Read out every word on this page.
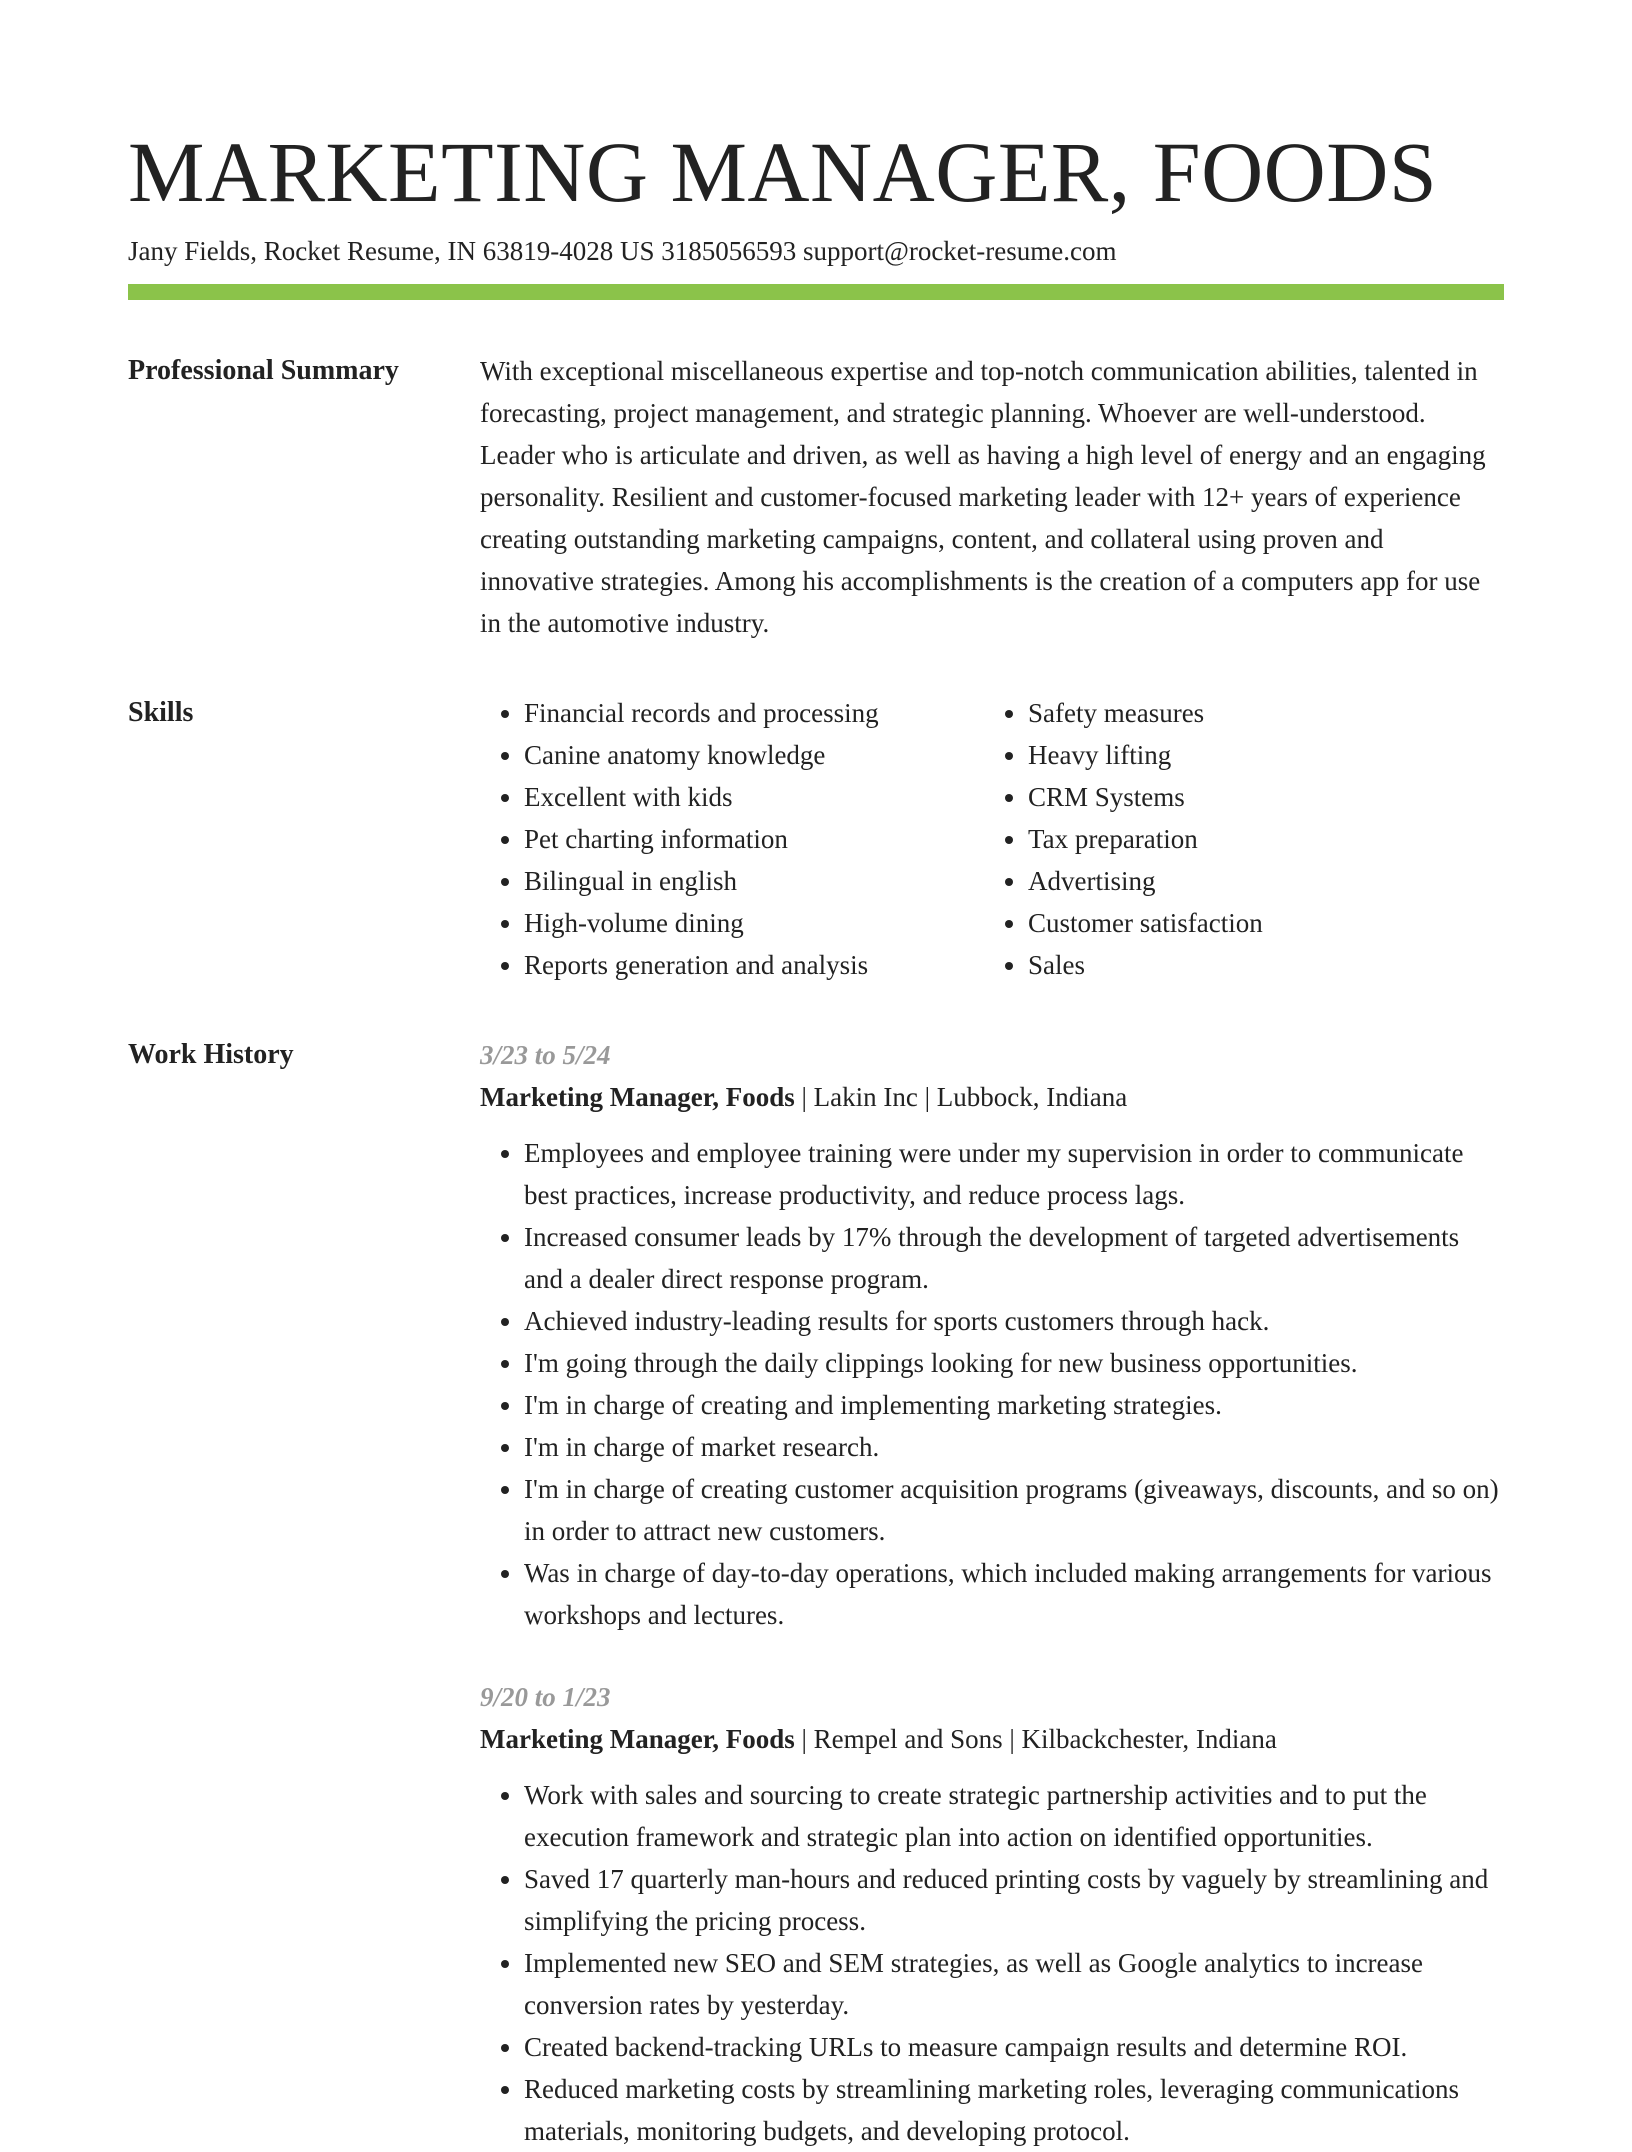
MARKETING MANAGER, FOODS
Jany Fields, Rocket Resume, IN 63819-4028 US 3185056593 support@rocket-resume.com
Professional Summary	With exceptional miscellaneous expertise and top-notch communication abilities, talented in forecasting, project management, and strategic planning. Whoever are well-understood. Leader who is articulate and driven, as well as having a high level of energy and an engaging personality. Resilient and customer-focused marketing leader with 12+ years of experience creating outstanding marketing campaigns, content, and collateral using proven and innovative strategies. Among his accomplishments is the creation of a computers app for use in the automotive industry.

Skills
•	Financial records and processing
• Canine anatomy knowledge
• Excellent with kids
• Pet charting information
• Bilingual in english
• High-volume dining
• Reports generation and analysis
• Safety measures
• Heavy lifting
• CRM Systems
• Tax preparation
• Advertising
• Customer satisfaction
• Sales
Work History	3/23 to 5/24

Marketing Manager, Foods | Lakin Inc | Lubbock, Indiana

• Employees and employee training were under my supervision in order to communicate best practices, increase productivity, and reduce process lags.
• Increased consumer leads by 17% through the development of targeted advertisements and a dealer direct response program.
• Achieved industry-leading results for sports customers through hack.
• I'm going through the daily clippings looking for new business opportunities.
• I'm in charge of creating and implementing marketing strategies.
• I'm in charge of market research.
• I'm in charge of creating customer acquisition programs (giveaways, discounts, and so on) in order to attract new customers.
• Was in charge of day-to-day operations, which included making arrangements for various workshops and lectures.

9/20 to 1/23

Marketing Manager, Foods | Rempel and Sons | Kilbackchester, Indiana

• Work with sales and sourcing to create strategic partnership activities and to put the execution framework and strategic plan into action on identified opportunities.
• Saved 17 quarterly man-hours and reduced printing costs by vaguely by streamlining and simplifying the pricing process.
• Implemented new SEO and SEM strategies, as well as Google analytics to increase conversion rates by yesterday.
• Created backend-tracking URLs to measure campaign results and determine ROI.
• Reduced marketing costs by streamlining marketing roles, leveraging communications materials, monitoring budgets, and developing protocol.
